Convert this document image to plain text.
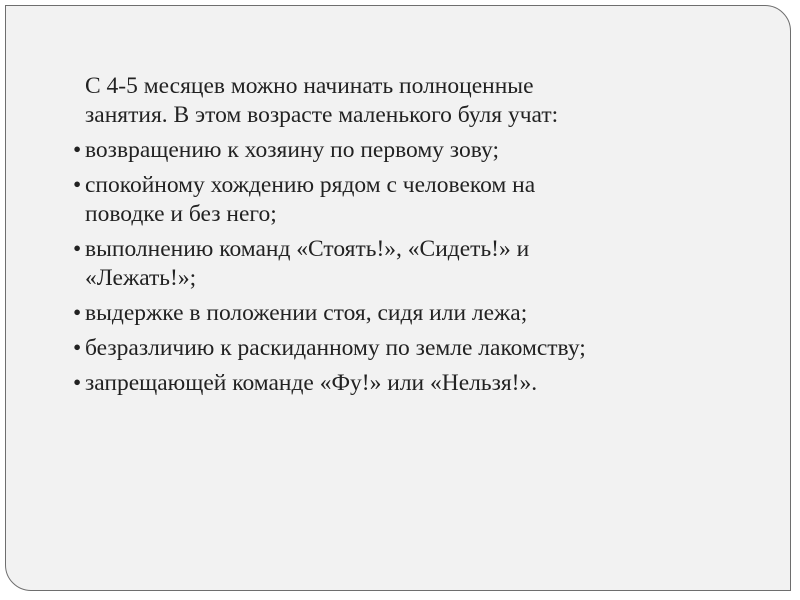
С 4-5 месяцев можно начинать полноценные
занятия. В этом возрасте маленького буля учат:
• возвращению к хозяину по первому зову;
• спокойному хождению рядом с человеком на
поводке и без него;
• выполнению команд «Стоять!», «Сидеть!» и
«Лежать!»;
• выдержке в положении стоя, сидя или лежа;
• безразличию к раскиданному по земле лакомству;
• запрещающей команде «Фу!» или «Нельзя!».
